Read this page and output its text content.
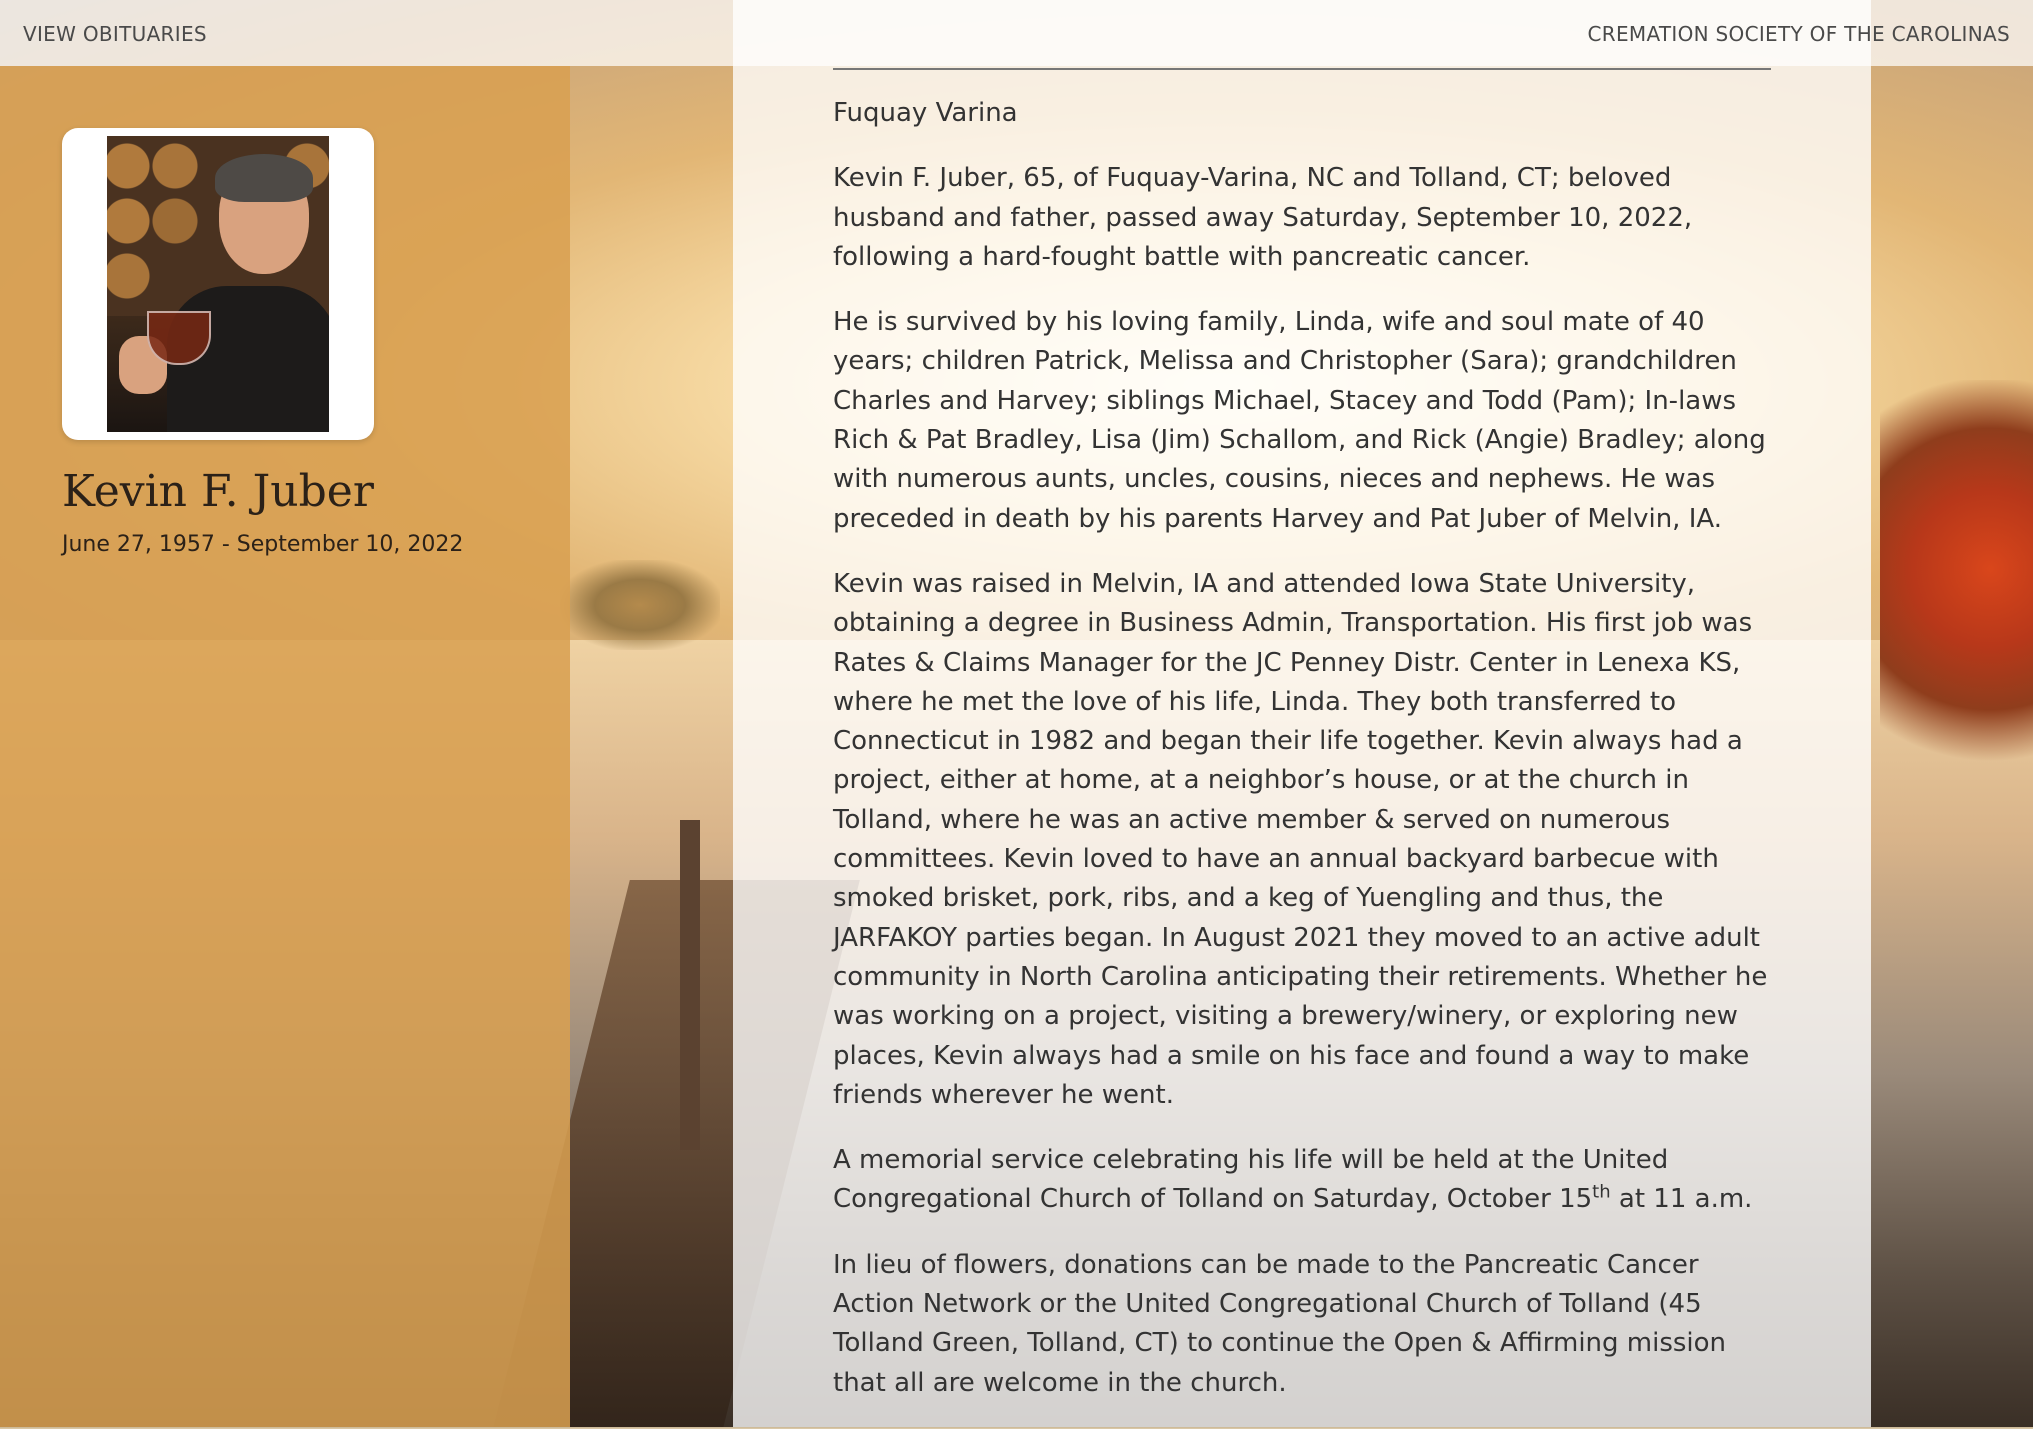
VIEW OBITUARIES	CREMATION SOCIETY OF THE CAROLINAS
Kevin F. Juber
June 27, 1957 - September 10, 2022

Fuquay Varina

Kevin F. Juber, 65, of Fuquay-Varina, NC and Tolland, CT; beloved husband and father, passed away Saturday, September 10, 2022, following a hard-fought battle with pancreatic cancer.

He is survived by his loving family, Linda, wife and soul mate of 40 years; children Patrick, Melissa and Christopher (Sara); grandchildren Charles and Harvey; siblings Michael, Stacey and Todd (Pam); In-laws Rich & Pat Bradley, Lisa (Jim) Schallom, and Rick (Angie) Bradley; along with numerous aunts, uncles, cousins, nieces and nephews. He was preceded in death by his parents Harvey and Pat Juber of Melvin, IA.

Kevin was raised in Melvin, IA and attended Iowa State University, obtaining a degree in Business Admin, Transportation. His first job was Rates & Claims Manager for the JC Penney Distr. Center in Lenexa KS, where he met the love of his life, Linda. They both transferred to Connecticut in 1982 and began their life together. Kevin always had a project, either at home, at a neighbor’s house, or at the church in Tolland, where he was an active member & served on numerous committees. Kevin loved to have an annual backyard barbecue with smoked brisket, pork, ribs, and a keg of Yuengling and thus, the JARFAKOY parties began. In August 2021 they moved to an active adult community in North Carolina anticipating their retirements. Whether he was working on a project, visiting a brewery/winery, or exploring new places, Kevin always had a smile on his face and found a way to make friends wherever he went.

A memorial service celebrating his life will be held at the United Congregational Church of Tolland on Saturday, October 15th at 11 a.m.

In lieu of flowers, donations can be made to the Pancreatic Cancer Action Network or the United Congregational Church of Tolland (45 Tolland Green, Tolland, CT) to continue the Open & Affirming mission that all are welcome in the church.
